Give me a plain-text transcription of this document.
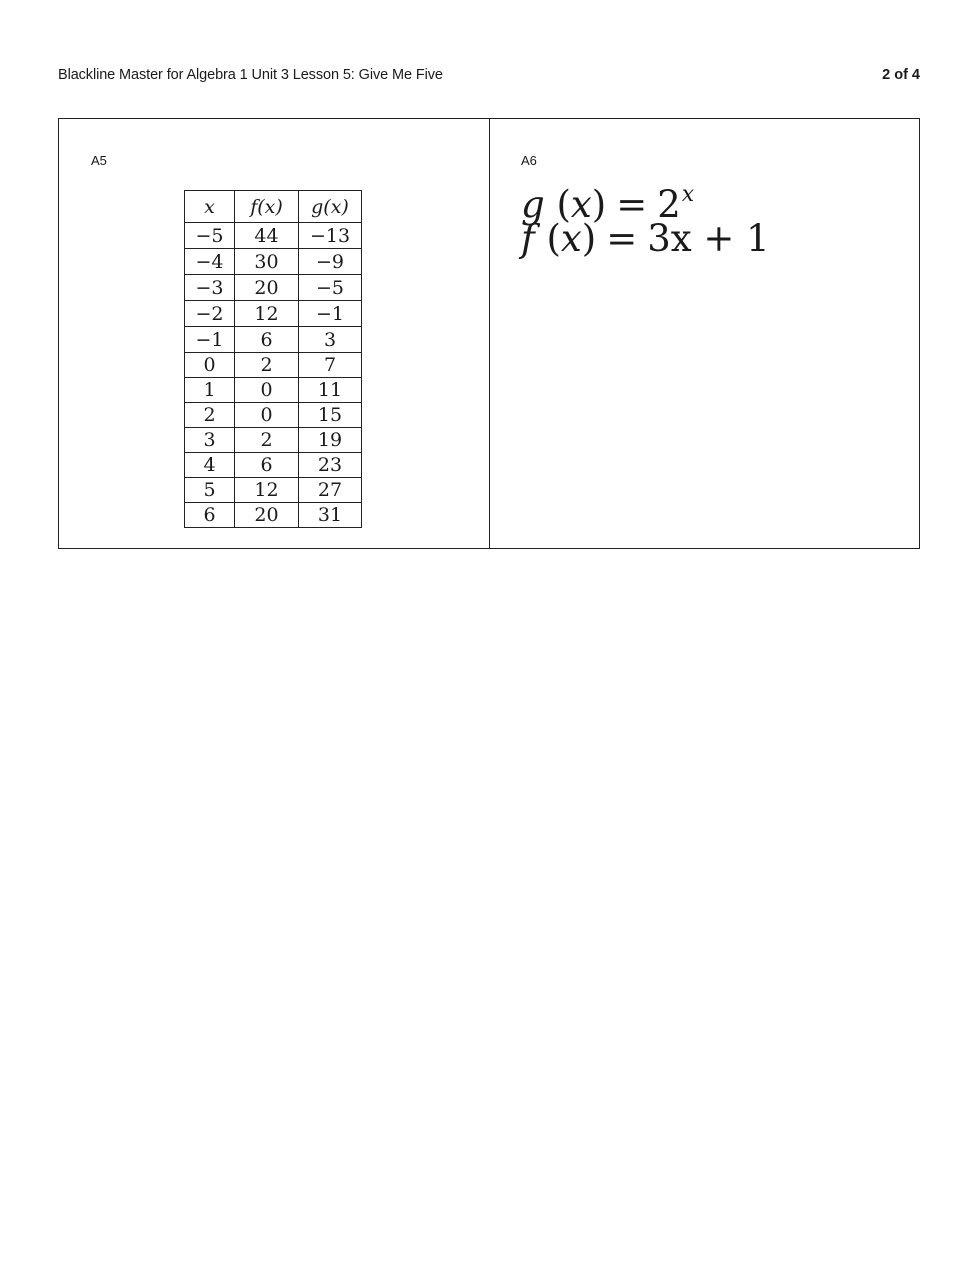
Blackline Master for Algebra 1 Unit 3 Lesson 5: Give Me Five	2 of 4
A5
x	f(x)	g(x)
−5	44	−13
−4	30	−9
−3	20	−5
−2	12	−1
−1	6	3
0	2	7
1	0	11
2	0	15
3	2	19
4	6	23
5	12	27
6	20	31
A6
g $(x) = 2^x$
f (x) = 3x + 1
